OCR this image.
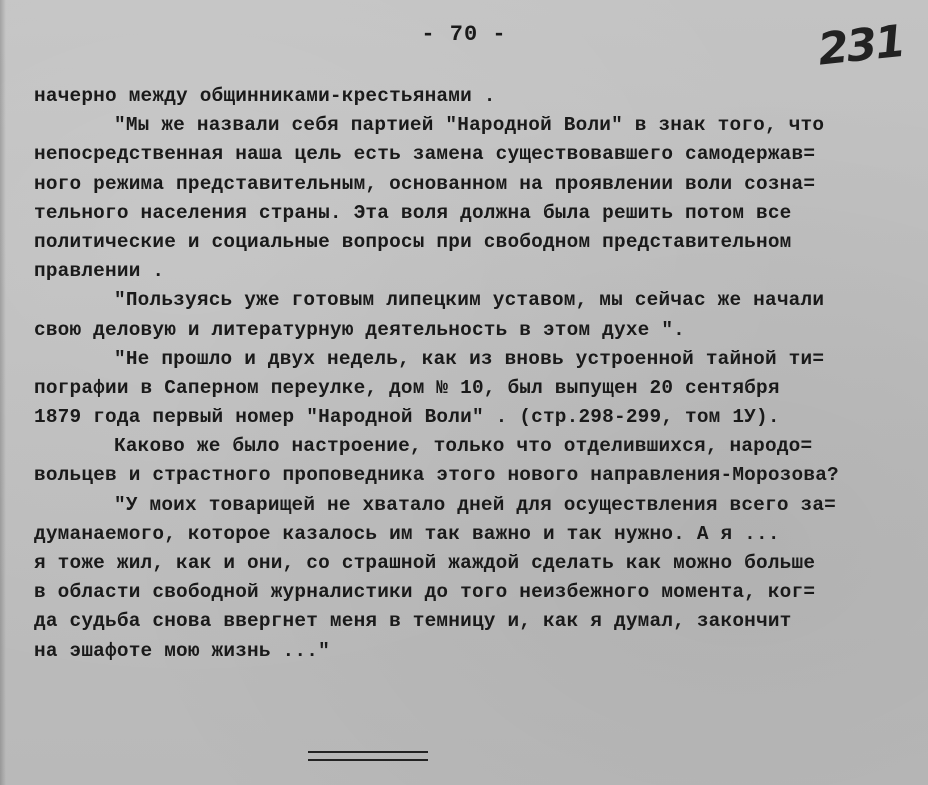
- 70 -	231
начерно между общинниками-крестьянами .
"Мы же назвали себя партией "Народной Воли" в знак того, что
непосредственная наша цель есть замена существовавшего самодержав=
ного режима представительным, основанном на проявлении воли созна=
тельного населения страны. Эта воля должна была решить потом все
политические и социальные вопросы при свободном представительном
правлении .
"Пользуясь уже готовым липецким уставом, мы сейчас же начали
свою деловую и литературную деятельность в этом духе ".
"Не прошло и двух недель, как из вновь устроенной тайной ти=
пографии в Саперном переулке, дом № 10, был выпущен 20 сентября
1879 года первый номер "Народной Воли" . (стр.298-299, том 1У).
Каково же было настроение, только что отделившихся, народо=
вольцев и страстного проповедника этого нового направления-Морозова?
"У моих товарищей не хватало дней для осуществления всего за=
думанаемого, которое казалось им так важно и так нужно. А я ...
я тоже жил, как и они, со страшной жаждой сделать как можно больше
в области свободной журналистики до того неизбежного момента, ког=
да судьба снова ввергнет меня в темницу и, как я думал, закончит
на эшафоте мою жизнь ..."
